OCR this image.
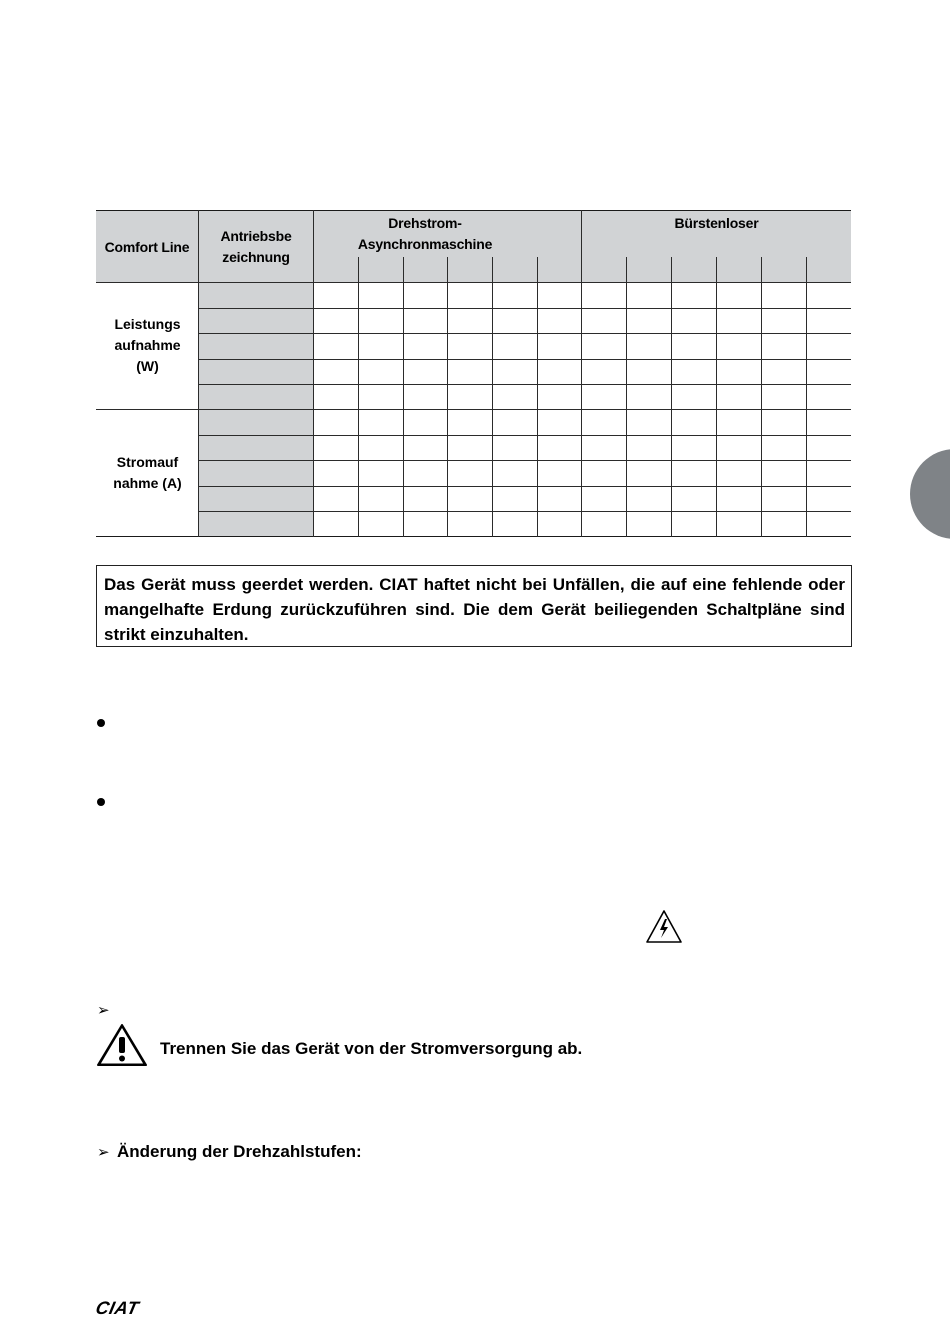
Comfort Line
Antriebsbe
zeichnung
Drehstrom-
Asynchronmaschine
Bürstenloser
Leistungs
aufnahme
(W)
Stromauf
nahme (A)
Das Gerät muss geerdet werden. CIAT haftet nicht bei Unfällen, die auf eine fehlende oder mangelhafte Erdung zurückzuführen sind. Die dem Gerät beiliegenden Schaltpläne sind strikt einzuhalten.
➢
Trennen Sie das Gerät von der Stromversorgung ab.
➢ Änderung der Drehzahlstufen:
CIAT
